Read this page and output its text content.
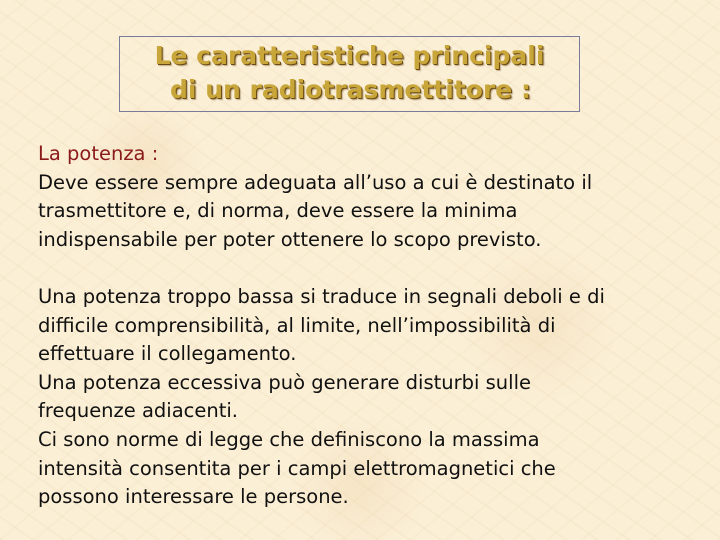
Le caratteristiche principali
di un radiotrasmettitore :

La potenza :

Deve essere sempre adeguata all’uso a cui è destinato il

trasmettitore e, di norma, deve essere la minima

indispensabile per poter ottenere lo scopo previsto.

Una potenza troppo bassa si traduce in segnali deboli e di

difficile comprensibilità, al limite, nell’impossibilità di

effettuare il collegamento.

Una potenza eccessiva può generare disturbi sulle

frequenze adiacenti.

Ci sono norme di legge che definiscono la massima

intensità consentita per i campi elettromagnetici che

possono interessare le persone.
